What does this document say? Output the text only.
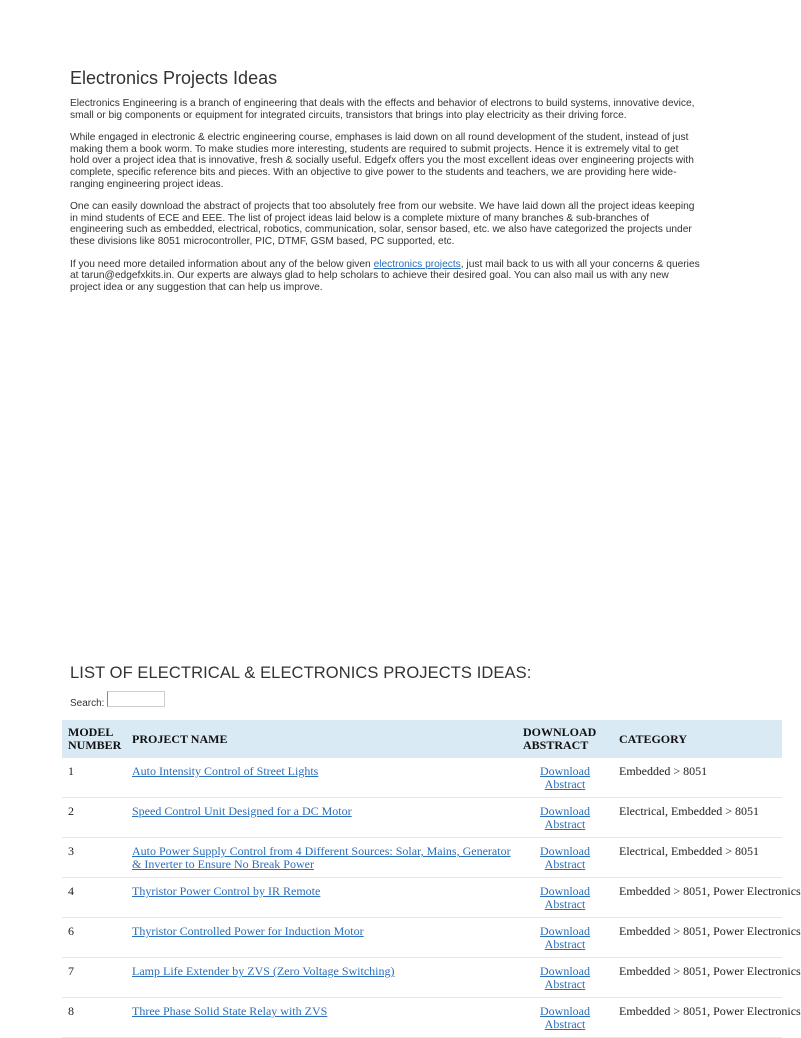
Electronics Projects Ideas

Electronics Engineering is a branch of engineering that deals with the effects and behavior of electrons to build systems, innovative device, small or big components or equipment for integrated circuits, transistors that brings into play electricity as their driving force.

While engaged in electronic & electric engineering course, emphases is laid down on all round development of the student, instead of just making them a book worm. To make studies more interesting, students are required to submit projects. Hence it is extremely vital to get hold over a project idea that is innovative, fresh & socially useful. Edgefx offers you the most excellent ideas over engineering projects with complete, specific reference bits and pieces. With an objective to give power to the students and teachers, we are providing here wide-ranging engineering project ideas.

One can easily download the abstract of projects that too absolutely free from our website. We have laid down all the project ideas keeping in mind students of ECE and EEE. The list of project ideas laid below is a complete mixture of many branches & sub-branches of engineering such as embedded, electrical, robotics, communication, solar, sensor based, etc. we also have categorized the projects under these divisions like 8051 microcontroller, PIC, DTMF, GSM based, PC supported, etc.

If you need more detailed information about any of the below given electronics projects, just mail back to us with all your concerns & queries at tarun@edgefxkits.in. Our experts are always glad to help scholars to achieve their desired goal. You can also mail us with any new project idea or any suggestion that can help us improve.

LIST OF ELECTRICAL & ELECTRONICS PROJECTS IDEAS:
Search:
MODEL NUMBER	PROJECT NAME	DOWNLOAD ABSTRACT	CATEGORY
1	Auto Intensity Control of Street Lights	Download Abstract	Embedded > 8051
2	Speed Control Unit Designed for a DC Motor	Download Abstract	Electrical, Embedded > 8051
3	Auto Power Supply Control from 4 Different Sources: Solar, Mains, Generator & Inverter to Ensure No Break Power	Download Abstract	Electrical, Embedded > 8051
4	Thyristor Power Control by IR Remote	Download Abstract	Embedded > 8051, Power Electronics
6	Thyristor Controlled Power for Induction Motor	Download Abstract	Embedded > 8051, Power Electronics
7	Lamp Life Extender by ZVS (Zero Voltage Switching)	Download Abstract	Embedded > 8051, Power Electronics
8	Three Phase Solid State Relay with ZVS	Download Abstract	Embedded > 8051, Power Electronics
